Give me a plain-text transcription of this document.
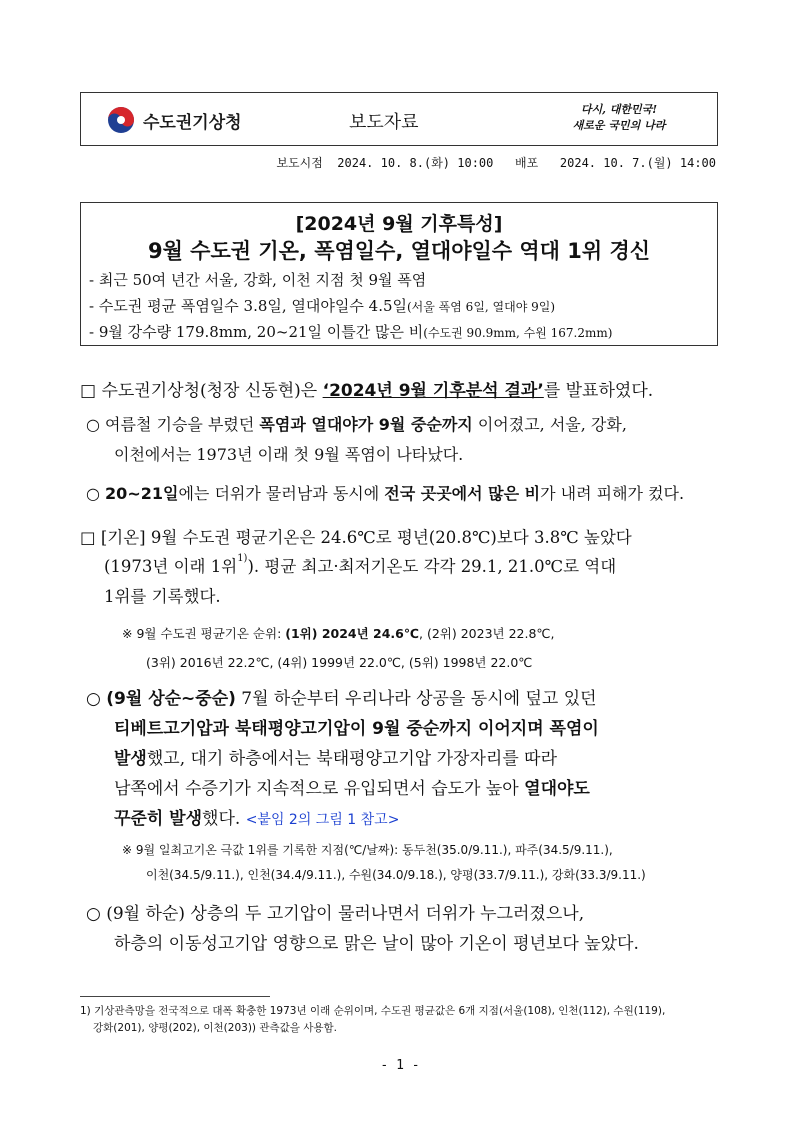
수도권기상청	보도자료
다시, 대한민국!
새로운 국민의 나라
보도시점  2024. 10. 8.(화) 10:00   배포   2024. 10. 7.(월) 14:00
[2024년 9월 기후특성]
9월 수도권 기온, 폭염일수, 열대야일수 역대 1위 경신
- 최근 50여 년간 서울, 강화, 이천 지점 첫 9월 폭염
- 수도권 평균 폭염일수 3.8일, 열대야일수 4.5일(서울 폭염 6일, 열대야 9일)
- 9월 강수량 179.8mm, 20~21일 이틀간 많은 비(수도권 90.9mm, 수원 167.2mm)
□ 수도권기상청(청장 신동현)은 ‘2024년 9월 기후분석 결과’를 발표하였다.
○ 여름철 기승을 부렸던 폭염과 열대야가 9월 중순까지 이어졌고, 서울, 강화,
이천에서는 1973년 이래 첫 9월 폭염이 나타났다.
○ 20~21일에는 더위가 물러남과 동시에 전국 곳곳에서 많은 비가 내려 피해가 컸다.
□ [기온] 9월 수도권 평균기온은 24.6℃로 평년(20.8℃)보다 3.8℃ 높았다
(1973년 이래 1위$^{1)}$). 평균 최고·최저기온도 각각 29.1, 21.0℃로 역대
1위를 기록했다.
※ 9월 수도권 평균기온 순위: (1위) 2024년 24.6℃, (2위) 2023년 22.8℃,
(3위) 2016년 22.2℃, (4위) 1999년 22.0℃, (5위) 1998년 22.0℃
○ (9월 상순~중순) 7월 하순부터 우리나라 상공을 동시에 덮고 있던
티베트고기압과 북태평양고기압이 9월 중순까지 이어지며 폭염이
발생했고, 대기 하층에서는 북태평양고기압 가장자리를 따라
남쪽에서 수증기가 지속적으로 유입되면서 습도가 높아 열대야도
꾸준히 발생했다. <붙임 2의 그림 1 참고>
※ 9월 일최고기온 극값 1위를 기록한 지점(℃/날짜): 동두천(35.0/9.11.), 파주(34.5/9.11.),
이천(34.5/9.11.), 인천(34.4/9.11.), 수원(34.0/9.18.), 양평(33.7/9.11.), 강화(33.3/9.11.)
○ (9월 하순) 상층의 두 고기압이 물러나면서 더위가 누그러졌으나,
하층의 이동성고기압 영향으로 맑은 날이 많아 기온이 평년보다 높았다.
1) 기상관측망을 전국적으로 대폭 확충한 1973년 이래 순위이며, 수도권 평균값은 6개 지점(서울(108), 인천(112), 수원(119),
강화(201), 양평(202), 이천(203)) 관측값을 사용함.
- 1 -
